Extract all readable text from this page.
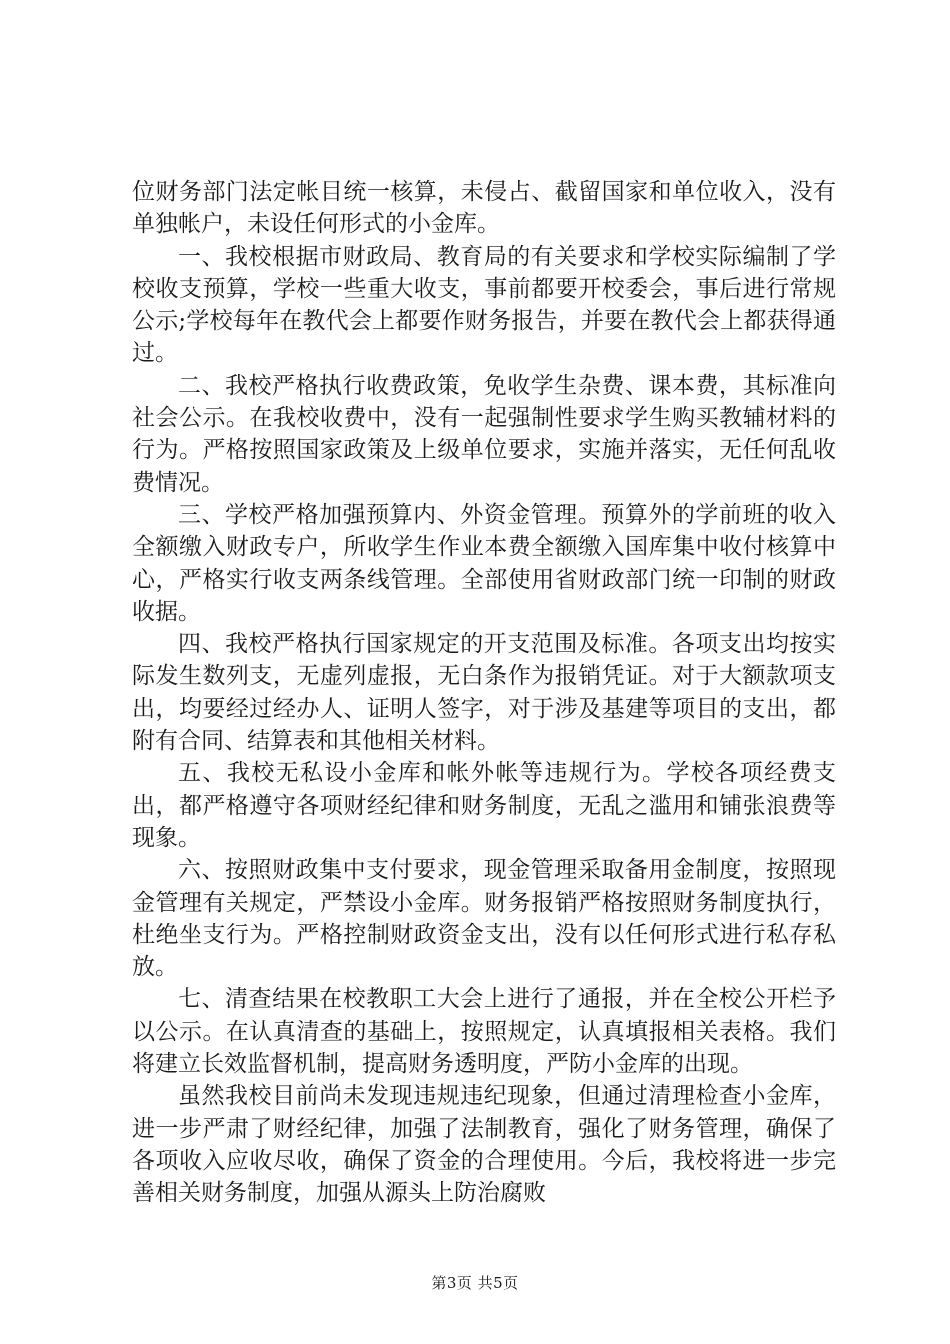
位财务部门法定帐目统一核算，未侵占、截留国家和单位收入，没有单独帐户，未设任何形式的小金库。

一、我校根据市财政局、教育局的有关要求和学校实际编制了学校收支预算，学校一些重大收支，事前都要开校委会，事后进行常规公示;学校每年在教代会上都要作财务报告，并要在教代会上都获得通过。

二、我校严格执行收费政策，免收学生杂费、课本费，其标准向社会公示。在我校收费中，没有一起强制性要求学生购买教辅材料的行为。严格按照国家政策及上级单位要求，实施并落实，无任何乱收费情况。

三、学校严格加强预算内、外资金管理。预算外的学前班的收入全额缴入财政专户，所收学生作业本费全额缴入国库集中收付核算中心，严格实行收支两条线管理。全部使用省财政部门统一印制的财政收据。

四、我校严格执行国家规定的开支范围及标准。各项支出均按实际发生数列支，无虚列虚报，无白条作为报销凭证。对于大额款项支出，均要经过经办人、证明人签字，对于涉及基建等项目的支出，都附有合同、结算表和其他相关材料。

五、我校无私设小金库和帐外帐等违规行为。学校各项经费支出，都严格遵守各项财经纪律和财务制度，无乱之滥用和铺张浪费等现象。

六、按照财政集中支付要求，现金管理采取备用金制度，按照现金管理有关规定，严禁设小金库。财务报销严格按照财务制度执行，杜绝坐支行为。严格控制财政资金支出，没有以任何形式进行私存私放。

七、清查结果在校教职工大会上进行了通报，并在全校公开栏予以公示。在认真清查的基础上，按照规定，认真填报相关表格。我们将建立长效监督机制，提高财务透明度，严防小金库的出现。

虽然我校目前尚未发现违规违纪现象，但通过清理检查小金库，进一步严肃了财经纪律，加强了法制教育，强化了财务管理，确保了各项收入应收尽收，确保了资金的合理使用。今后，我校将进一步完善相关财务制度，加强从源头上防治腐败

第3页 共5页
